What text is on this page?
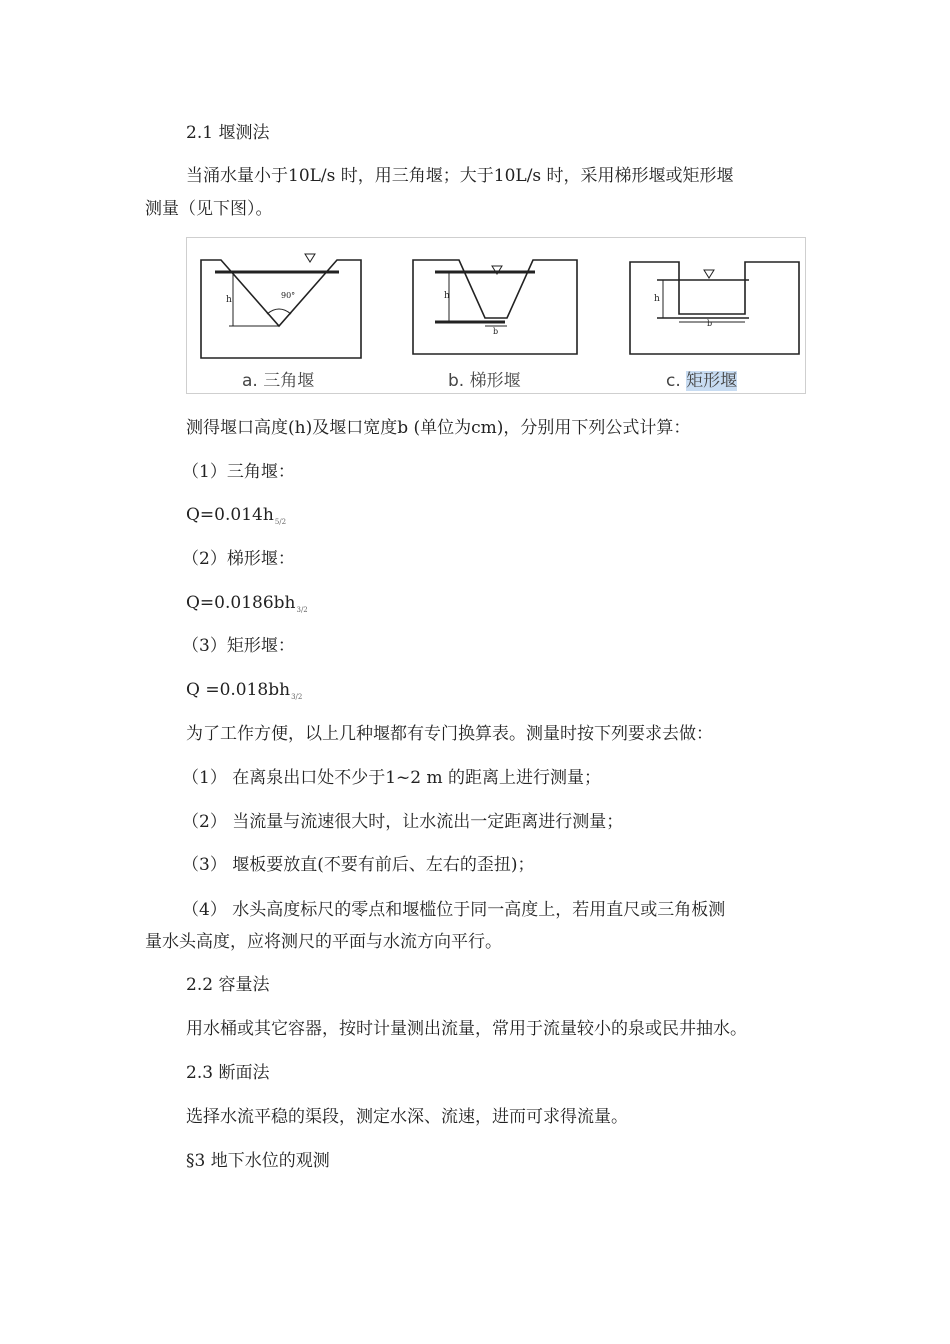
2.1 堰测法
当涌水量小于10L/s 时，用三角堰；大于10L/s 时，采用梯形堰或矩形堰
测量（见下图）。
h	90°	h
b
h
b
a. 三角堰	b. 梯形堰	c. 矩形堰
测得堰口高度(h)及堰口宽度b (单位为cm)，分别用下列公式计算：
（1）三角堰：
$Q=0.014h_{5/2}$
（2）梯形堰：
$Q=0.0186bh_{3/2}$
（3）矩形堰：
$Q =0.018bh_{3/2}$
为了工作方便，以上几种堰都有专门换算表。测量时按下列要求去做：
（1） 在离泉出口处不少于1~2 m 的距离上进行测量；
（2） 当流量与流速很大时，让水流出一定距离进行测量；
（3） 堰板要放直(不要有前后、左右的歪扭)；
（4） 水头高度标尺的零点和堰槛位于同一高度上，若用直尺或三角板测
量水头高度，应将测尺的平面与水流方向平行。
2.2 容量法
用水桶或其它容器，按时计量测出流量，常用于流量较小的泉或民井抽水。
2.3 断面法
选择水流平稳的渠段，测定水深、流速，进而可求得流量。
§3 地下水位的观测
